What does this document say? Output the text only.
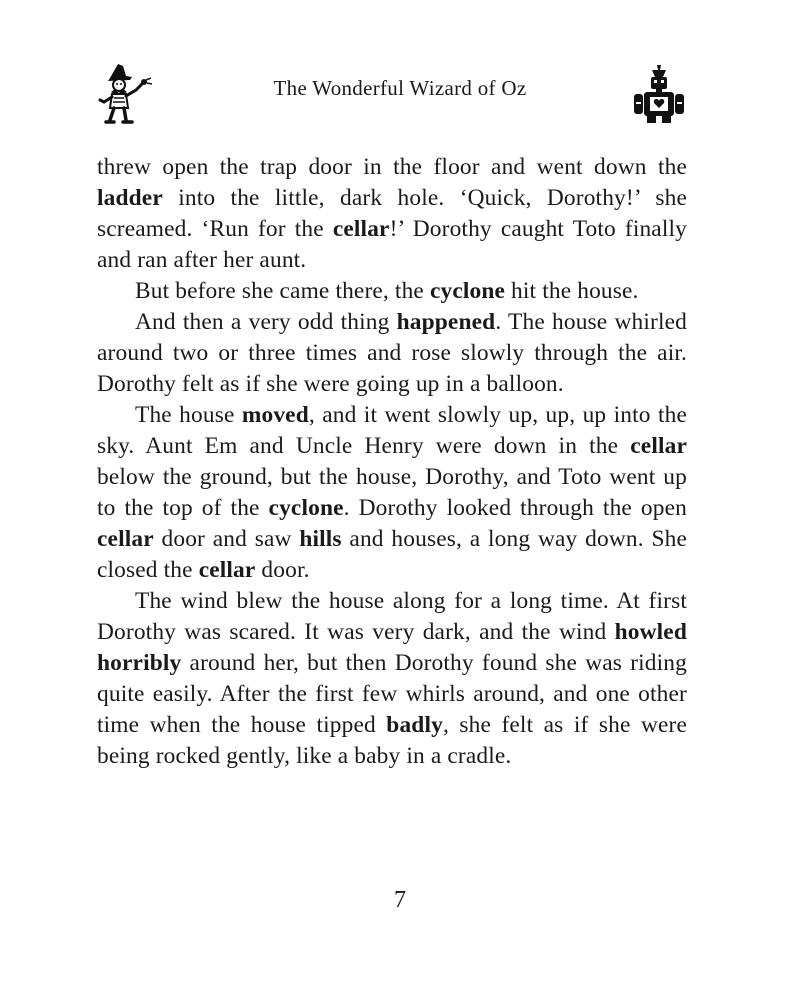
The Wonderful Wizard of Oz

threw open the trap door in the floor and went down the ladder into the little, dark hole. ‘Quick, Dorothy!’ she screamed. ‘Run for the cellar!’ Dorothy caught Toto finally and ran after her aunt.

But before she came there, the cyclone hit the house.

And then a very odd thing happened. The house whirled around two or three times and rose slowly through the air. Dorothy felt as if she were going up in a balloon.

The house moved, and it went slowly up, up, up into the sky. Aunt Em and Uncle Henry were down in the cellar below the ground, but the house, Dorothy, and Toto went up to the top of the cyclone. Dorothy looked through the open cellar door and saw hills and houses, a long way down. She closed the cellar door.

The wind blew the house along for a long time. At first Dorothy was scared. It was very dark, and the wind howled horribly around her, but then Dorothy found she was riding quite easily. After the first few whirls around, and one other time when the house tipped badly, she felt as if she were being rocked gently, like a baby in a cradle.

7
